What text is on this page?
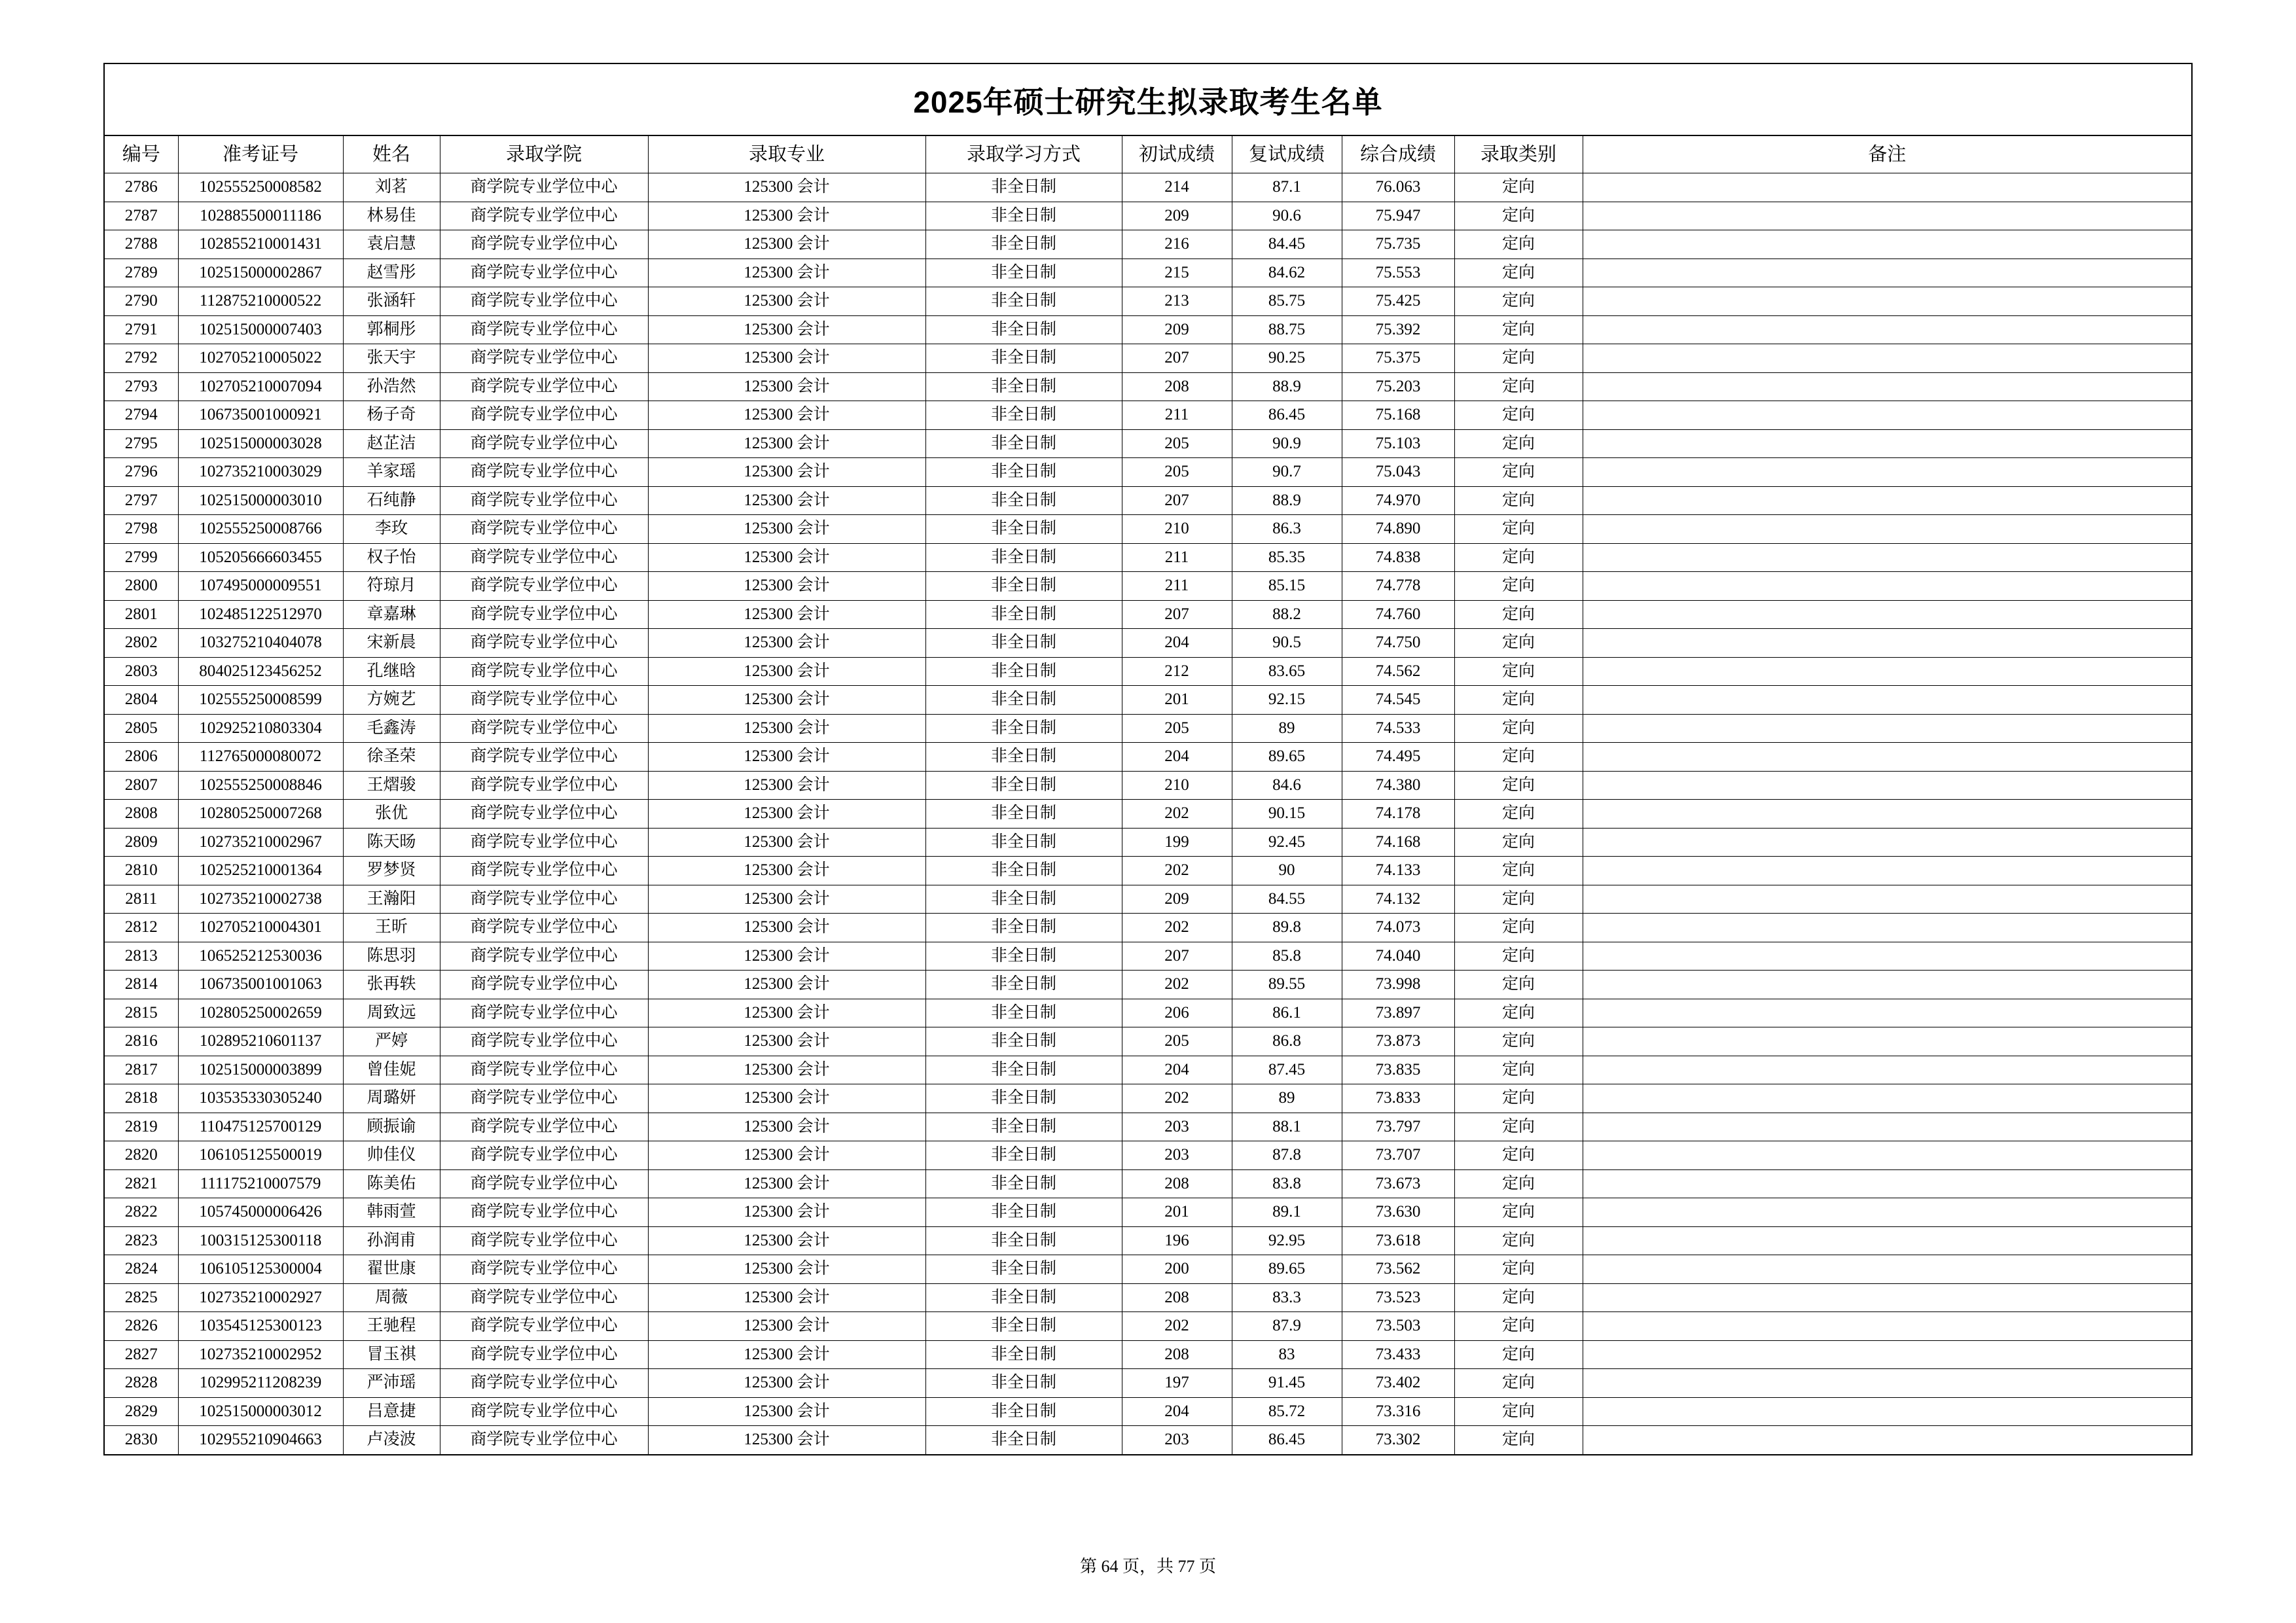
2025年硕士研究生拟录取考生名单
编号	准考证号	姓名	录取学院	录取专业	录取学习方式	初试成绩	复试成绩	综合成绩	录取类别	备注
2786	102555250008582	刘茗	商学院专业学位中心	125300 会计	非全日制	214	87.1	76.063	定向	
2787	102885500011186	林易佳	商学院专业学位中心	125300 会计	非全日制	209	90.6	75.947	定向	
2788	102855210001431	袁启慧	商学院专业学位中心	125300 会计	非全日制	216	84.45	75.735	定向	
2789	102515000002867	赵雪彤	商学院专业学位中心	125300 会计	非全日制	215	84.62	75.553	定向	
2790	112875210000522	张涵轩	商学院专业学位中心	125300 会计	非全日制	213	85.75	75.425	定向	
2791	102515000007403	郭桐彤	商学院专业学位中心	125300 会计	非全日制	209	88.75	75.392	定向	
2792	102705210005022	张天宇	商学院专业学位中心	125300 会计	非全日制	207	90.25	75.375	定向	
2793	102705210007094	孙浩然	商学院专业学位中心	125300 会计	非全日制	208	88.9	75.203	定向	
2794	106735001000921	杨子奇	商学院专业学位中心	125300 会计	非全日制	211	86.45	75.168	定向	
2795	102515000003028	赵芷洁	商学院专业学位中心	125300 会计	非全日制	205	90.9	75.103	定向	
2796	102735210003029	羊家瑶	商学院专业学位中心	125300 会计	非全日制	205	90.7	75.043	定向	
2797	102515000003010	石纯静	商学院专业学位中心	125300 会计	非全日制	207	88.9	74.970	定向	
2798	102555250008766	李玫	商学院专业学位中心	125300 会计	非全日制	210	86.3	74.890	定向	
2799	105205666603455	权子怡	商学院专业学位中心	125300 会计	非全日制	211	85.35	74.838	定向	
2800	107495000009551	符琼月	商学院专业学位中心	125300 会计	非全日制	211	85.15	74.778	定向	
2801	102485122512970	章嘉琳	商学院专业学位中心	125300 会计	非全日制	207	88.2	74.760	定向	
2802	103275210404078	宋新晨	商学院专业学位中心	125300 会计	非全日制	204	90.5	74.750	定向	
2803	804025123456252	孔继晗	商学院专业学位中心	125300 会计	非全日制	212	83.65	74.562	定向	
2804	102555250008599	方婉艺	商学院专业学位中心	125300 会计	非全日制	201	92.15	74.545	定向	
2805	102925210803304	毛鑫涛	商学院专业学位中心	125300 会计	非全日制	205	89	74.533	定向	
2806	112765000080072	徐圣荣	商学院专业学位中心	125300 会计	非全日制	204	89.65	74.495	定向	
2807	102555250008846	王熠骏	商学院专业学位中心	125300 会计	非全日制	210	84.6	74.380	定向	
2808	102805250007268	张优	商学院专业学位中心	125300 会计	非全日制	202	90.15	74.178	定向	
2809	102735210002967	陈天旸	商学院专业学位中心	125300 会计	非全日制	199	92.45	74.168	定向	
2810	102525210001364	罗梦贤	商学院专业学位中心	125300 会计	非全日制	202	90	74.133	定向	
2811	102735210002738	王瀚阳	商学院专业学位中心	125300 会计	非全日制	209	84.55	74.132	定向	
2812	102705210004301	王昕	商学院专业学位中心	125300 会计	非全日制	202	89.8	74.073	定向	
2813	106525212530036	陈思羽	商学院专业学位中心	125300 会计	非全日制	207	85.8	74.040	定向	
2814	106735001001063	张再轶	商学院专业学位中心	125300 会计	非全日制	202	89.55	73.998	定向	
2815	102805250002659	周致远	商学院专业学位中心	125300 会计	非全日制	206	86.1	73.897	定向	
2816	102895210601137	严婷	商学院专业学位中心	125300 会计	非全日制	205	86.8	73.873	定向	
2817	102515000003899	曾佳妮	商学院专业学位中心	125300 会计	非全日制	204	87.45	73.835	定向	
2818	103535330305240	周璐妍	商学院专业学位中心	125300 会计	非全日制	202	89	73.833	定向	
2819	110475125700129	顾振谕	商学院专业学位中心	125300 会计	非全日制	203	88.1	73.797	定向	
2820	106105125500019	帅佳仪	商学院专业学位中心	125300 会计	非全日制	203	87.8	73.707	定向	
2821	111175210007579	陈美佑	商学院专业学位中心	125300 会计	非全日制	208	83.8	73.673	定向	
2822	105745000006426	韩雨萱	商学院专业学位中心	125300 会计	非全日制	201	89.1	73.630	定向	
2823	100315125300118	孙润甫	商学院专业学位中心	125300 会计	非全日制	196	92.95	73.618	定向	
2824	106105125300004	翟世康	商学院专业学位中心	125300 会计	非全日制	200	89.65	73.562	定向	
2825	102735210002927	周薇	商学院专业学位中心	125300 会计	非全日制	208	83.3	73.523	定向	
2826	103545125300123	王驰程	商学院专业学位中心	125300 会计	非全日制	202	87.9	73.503	定向	
2827	102735210002952	冒玉祺	商学院专业学位中心	125300 会计	非全日制	208	83	73.433	定向	
2828	102995211208239	严沛瑶	商学院专业学位中心	125300 会计	非全日制	197	91.45	73.402	定向	
2829	102515000003012	吕意捷	商学院专业学位中心	125300 会计	非全日制	204	85.72	73.316	定向	
2830	102955210904663	卢凌波	商学院专业学位中心	125300 会计	非全日制	203	86.45	73.302	定向	
第 64 页，共 77 页
